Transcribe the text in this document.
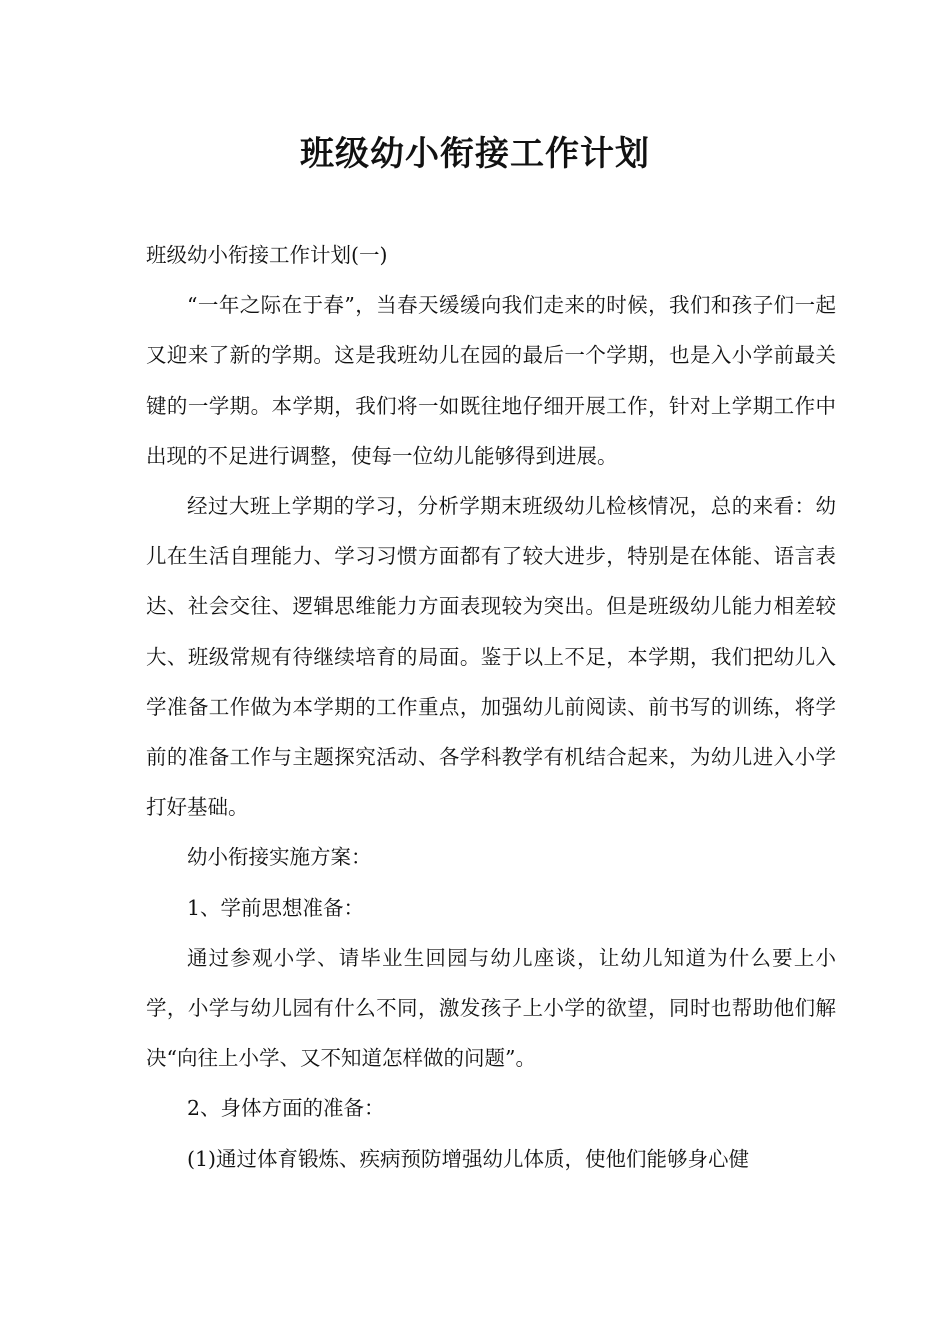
班级幼小衔接工作计划

班级幼小衔接工作计划(一)

“一年之际在于春”，当春天缓缓向我们走来的时候，我们和孩子们一起又迎来了新的学期。这是我班幼儿在园的最后一个学期，也是入小学前最关键的一学期。本学期，我们将一如既往地仔细开展工作，针对上学期工作中出现的不足进行调整，使每一位幼儿能够得到进展。

经过大班上学期的学习，分析学期末班级幼儿检核情况，总的来看：幼儿在生活自理能力、学习习惯方面都有了较大进步，特别是在体能、语言表达、社会交往、逻辑思维能力方面表现较为突出。但是班级幼儿能力相差较大、班级常规有待继续培育的局面。鉴于以上不足，本学期，我们把幼儿入学准备工作做为本学期的工作重点，加强幼儿前阅读、前书写的训练，将学前的准备工作与主题探究活动、各学科教学有机结合起来，为幼儿进入小学打好基础。

幼小衔接实施方案：

1、学前思想准备：

通过参观小学、请毕业生回园与幼儿座谈，让幼儿知道为什么要上小学，小学与幼儿园有什么不同，激发孩子上小学的欲望，同时也帮助他们解决“向往上小学、又不知道怎样做的问题”。

2、身体方面的准备：

(1)通过体育锻炼、疾病预防增强幼儿体质，使他们能够身心健
